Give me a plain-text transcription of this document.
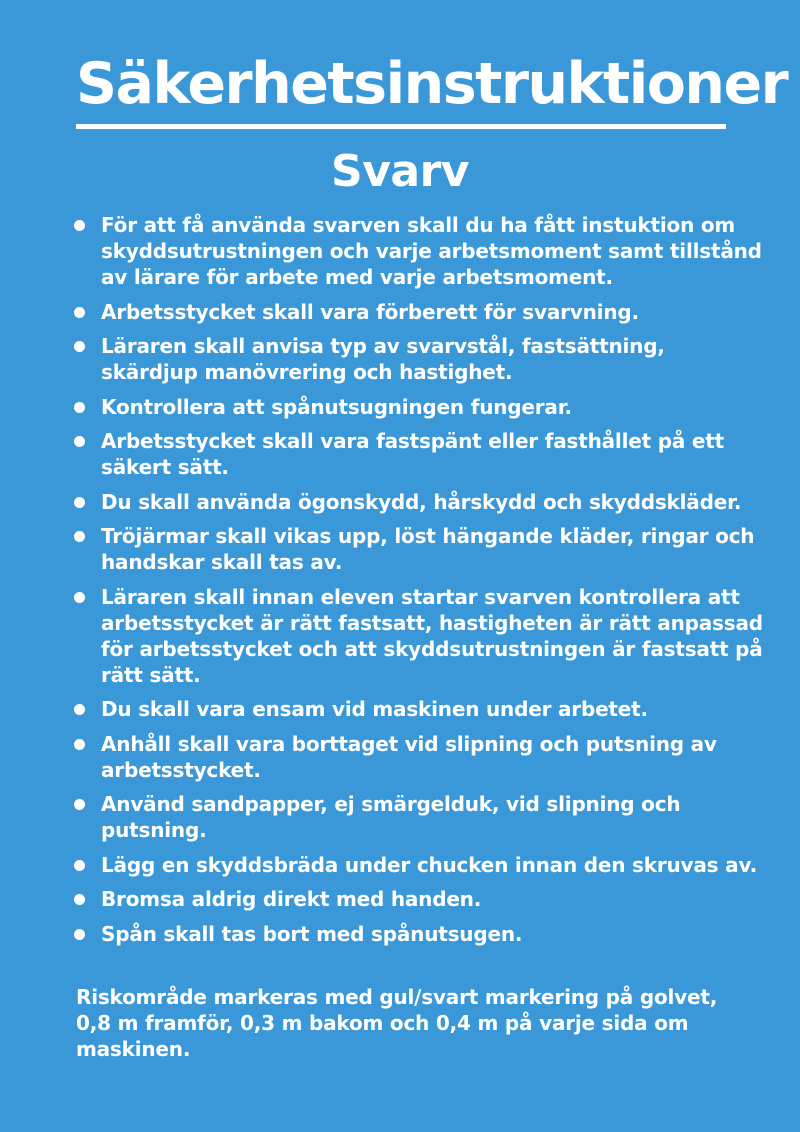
Säkerhetsinstruktioner
Svarv
För att få använda svarven skall du ha fått instuktion om skyddsutrustningen och varje arbetsmoment samt tillstånd av lärare för arbete med varje arbetsmoment.
Arbetsstycket skall vara förberett för svarvning.
Läraren skall anvisa typ av svarvstål, fastsättning, skärdjup manövrering och hastighet.
Kontrollera att spånutsugningen fungerar.
Arbetsstycket skall vara fastspänt eller fasthållet på ett säkert sätt.
Du skall använda ögonskydd, hårskydd och skyddskläder.
Tröjärmar skall vikas upp, löst hängande kläder, ringar och handskar skall tas av.
Läraren skall innan eleven startar svarven kontrollera att arbetsstycket är rätt fastsatt, hastigheten är rätt anpassad för arbetsstycket och att skyddsutrustningen är fastsatt på rätt sätt.
Du skall vara ensam vid maskinen under arbetet.
Anhåll skall vara borttaget vid slipning och putsning av arbetsstycket.
Använd sandpapper, ej smärgelduk, vid slipning och putsning.
Lägg en skyddsbräda under chucken innan den skruvas av.
Bromsa aldrig direkt med handen.
Spån skall tas bort med spånutsugen.

Riskområde markeras med gul/svart markering på golvet, 0,8 m framför, 0,3 m bakom och 0,4 m på varje sida om maskinen.
